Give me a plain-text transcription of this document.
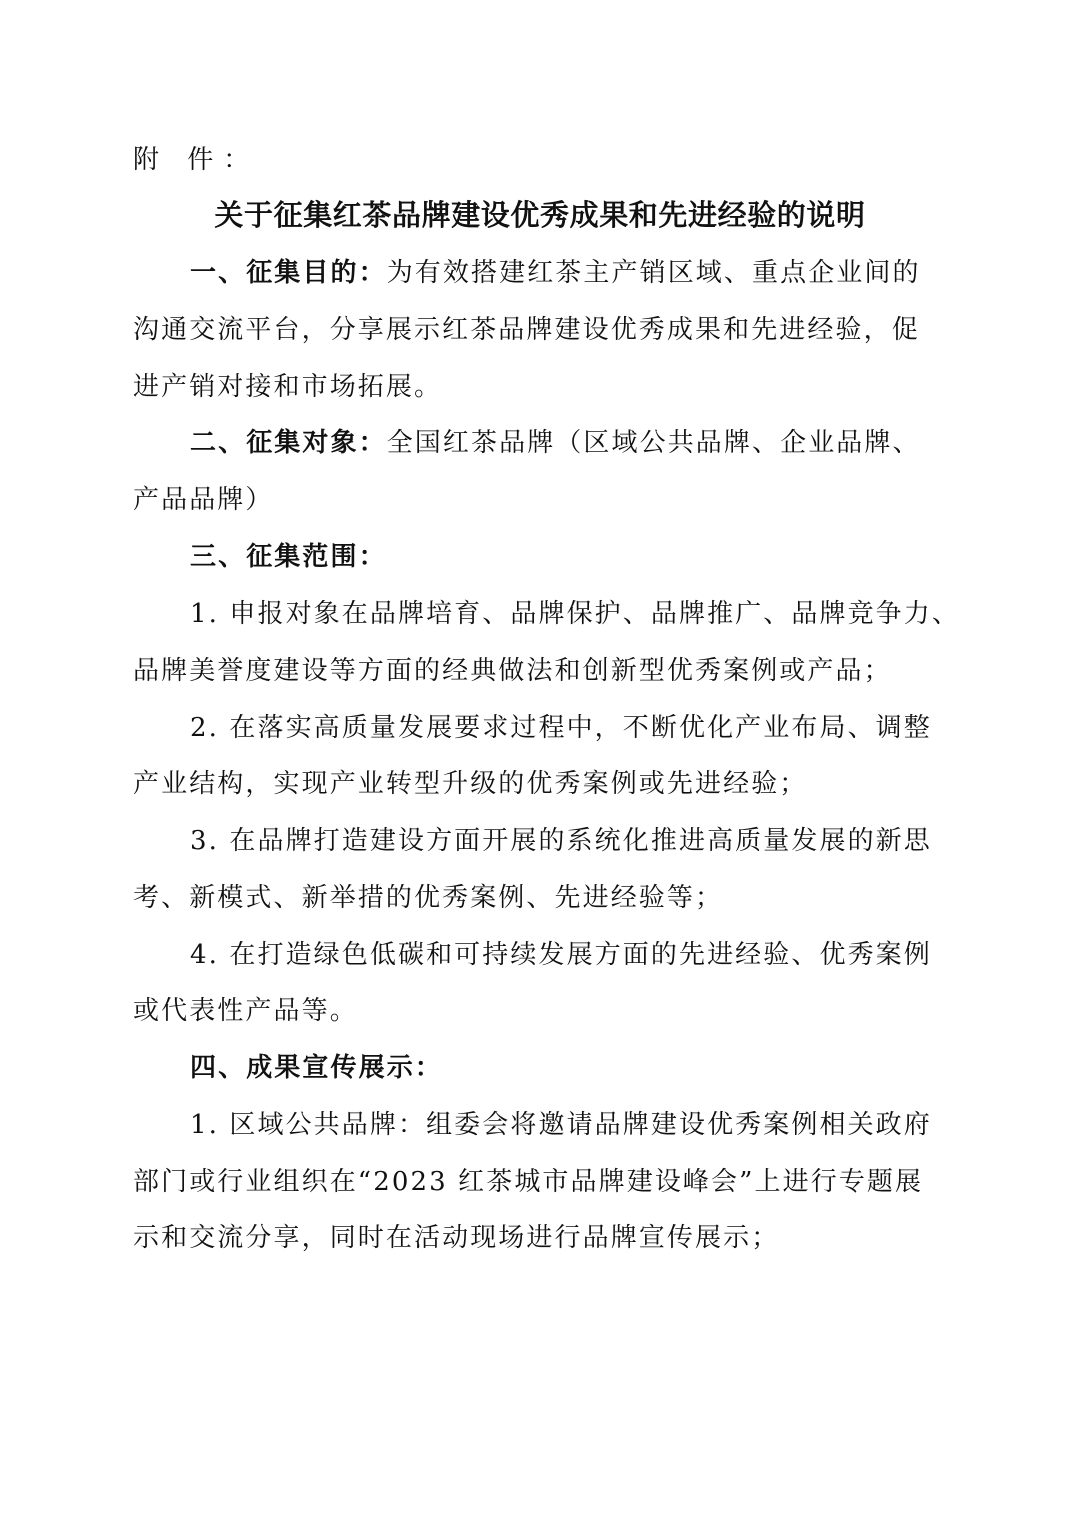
附 件：
关于征集红茶品牌建设优秀成果和先进经验的说明
一、征集目的：为有效搭建红茶主产销区域、重点企业间的
沟通交流平台，分享展示红茶品牌建设优秀成果和先进经验，促
进产销对接和市场拓展。
二、征集对象：全国红茶品牌（区域公共品牌、企业品牌、
产品品牌）
三、征集范围：
1. 申报对象在品牌培育、品牌保护、品牌推广、品牌竞争力、
品牌美誉度建设等方面的经典做法和创新型优秀案例或产品；
2. 在落实高质量发展要求过程中，不断优化产业布局、调整
产业结构，实现产业转型升级的优秀案例或先进经验；
3. 在品牌打造建设方面开展的系统化推进高质量发展的新思
考、新模式、新举措的优秀案例、先进经验等；
4. 在打造绿色低碳和可持续发展方面的先进经验、优秀案例
或代表性产品等。
四、成果宣传展示：
1. 区域公共品牌：组委会将邀请品牌建设优秀案例相关政府
部门或行业组织在“2023 红茶城市品牌建设峰会”上进行专题展
示和交流分享，同时在活动现场进行品牌宣传展示；
